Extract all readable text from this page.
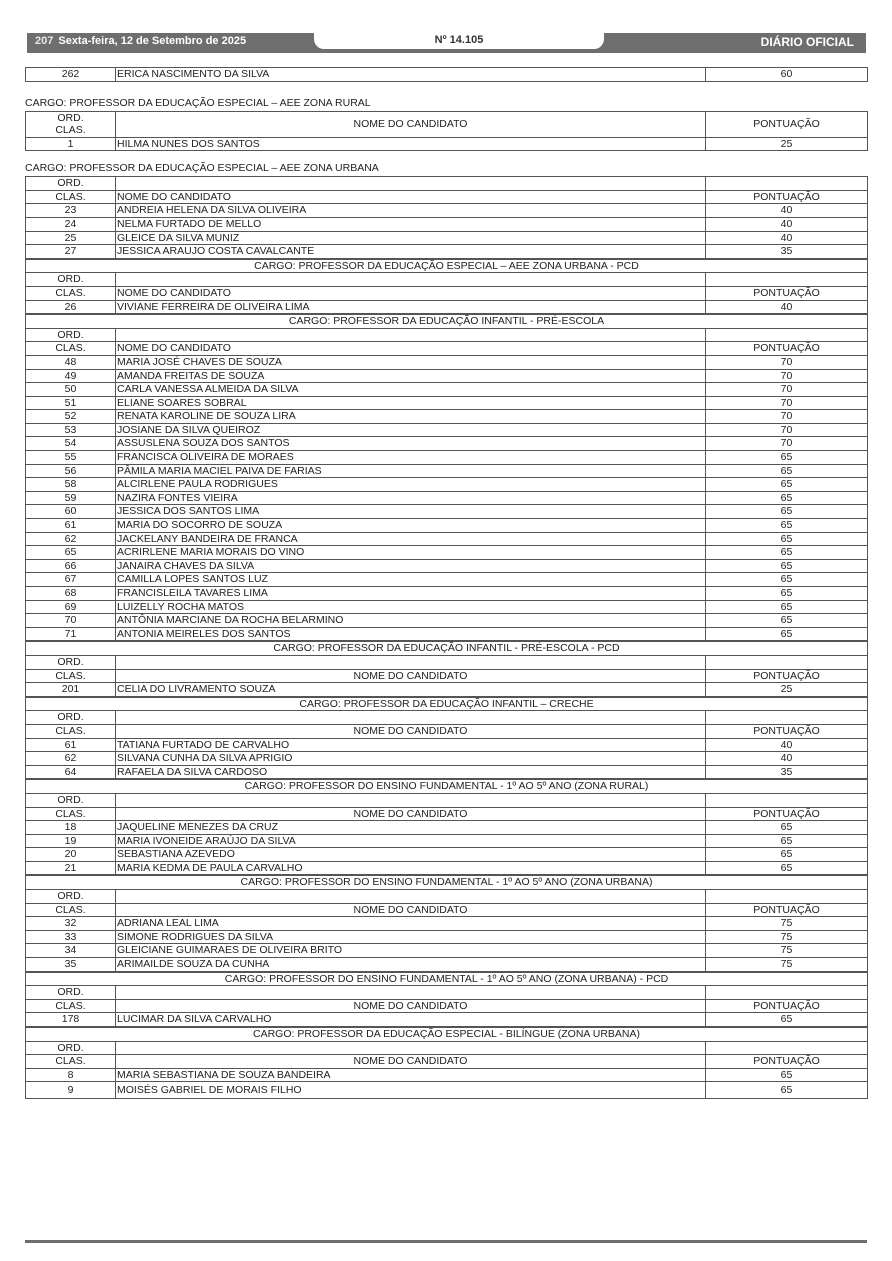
207 Sexta-feira, 12 de Setembro de 2025	Nº 14.105	DIÁRIO OFICIAL
262	ERICA NASCIMENTO DA SILVA	60
CARGO: PROFESSOR DA EDUCAÇÃO ESPECIAL – AEE ZONA RURAL
ORD.
CLAS.	NOME DO CANDIDATO	PONTUAÇÃO
1	HILMA NUNES DOS SANTOS	25
CARGO: PROFESSOR DA EDUCAÇÃO ESPECIAL – AEE ZONA URBANA
ORD.		
CLAS.	NOME DO CANDIDATO	PONTUAÇÃO
23	ANDREIA HELENA DA SILVA OLIVEIRA	40
24	NELMA FURTADO DE MELLO	40
25	GLEICE DA SILVA MUNIZ	40
27	JESSICA ARAUJO COSTA CAVALCANTE	35

CARGO: PROFESSOR DA EDUCAÇÃO ESPECIAL – AEE ZONA URBANA - PCD		
ORD.		
CLAS.	NOME DO CANDIDATO	PONTUAÇÃO
26	VIVIANE FERREIRA DE OLIVEIRA LIMA	40

CARGO: PROFESSOR DA EDUCAÇÃO INFANTIL - PRÉ-ESCOLA		
ORD.		
CLAS.	NOME DO CANDIDATO	PONTUAÇÃO
48	MARIA JOSÉ CHAVES DE SOUZA	70
49	AMANDA FREITAS DE SOUZA	70
50	CARLA VANESSA ALMEIDA DA SILVA	70
51	ELIANE SOARES SOBRAL	70
52	RENATA KAROLINE DE SOUZA LIRA	70
53	JOSIANE DA SILVA QUEIROZ	70
54	ASSUSLENA SOUZA DOS SANTOS	70
55	FRANCISCA OLIVEIRA DE MORAES	65
56	PÂMILA MARIA MACIEL PAIVA DE FARIAS	65
58	ALCIRLENE PAULA RODRIGUES	65
59	NAZIRA FONTES VIEIRA	65
60	JESSICA DOS SANTOS LIMA	65
61	MARIA DO SOCORRO DE SOUZA	65
62	JACKELANY BANDEIRA DE FRANCA	65
65	ACRIRLENE MARIA MORAIS DO VINO	65
66	JANAIRA CHAVES DA SILVA	65
67	CAMILLA LOPES SANTOS LUZ	65
68	FRANCISLEILA TAVARES LIMA	65
69	LUIZELLY ROCHA MATOS	65
70	ANTÔNIA MARCIANE DA ROCHA BELARMINO	65
71	ANTONIA MEIRELES DOS SANTOS	65

CARGO: PROFESSOR DA EDUCAÇÃO INFANTIL - PRÉ-ESCOLA - PCD		
ORD.		
CLAS.	NOME DO CANDIDATO	PONTUAÇÃO
201	CELIA DO LIVRAMENTO SOUZA	25

CARGO: PROFESSOR DA EDUCAÇÃO INFANTIL – CRECHE		
ORD.		
CLAS.	NOME DO CANDIDATO	PONTUAÇÃO
61	TATIANA FURTADO DE CARVALHO	40
62	SILVANA CUNHA DA SILVA APRIGIO	40
64	RAFAELA DA SILVA CARDOSO	35

CARGO: PROFESSOR DO ENSINO FUNDAMENTAL - 1º AO 5º ANO (ZONA RURAL)		
ORD.		
CLAS.	NOME DO CANDIDATO	PONTUAÇÃO
18	JAQUELINE MENEZES DA CRUZ	65
19	MARIA IVONEIDE ARAÚJO DA SILVA	65
20	SEBASTIANA AZEVEDO	65
21	MARIA KEDMA DE PAULA CARVALHO	65

CARGO: PROFESSOR DO ENSINO FUNDAMENTAL - 1º AO 5º ANO (ZONA URBANA)		
ORD.		
CLAS.	NOME DO CANDIDATO	PONTUAÇÃO
32	ADRIANA LEAL LIMA	75
33	SIMONE RODRIGUES DA SILVA	75
34	GLEICIANE GUIMARAES DE OLIVEIRA BRITO	75
35	ARIMAILDE SOUZA DA CUNHA	75

CARGO: PROFESSOR DO ENSINO FUNDAMENTAL - 1º AO 5º ANO (ZONA URBANA) - PCD		
ORD.		
CLAS.	NOME DO CANDIDATO	PONTUAÇÃO
178	LUCIMAR DA SILVA CARVALHO	65

CARGO: PROFESSOR DA EDUCAÇÃO ESPECIAL - BILÍNGUE (ZONA URBANA)		
ORD.		
CLAS.	NOME DO CANDIDATO	PONTUAÇÃO
8	MARIA SEBASTIANA DE SOUZA BANDEIRA	65
9	MOISÉS GABRIEL DE MORAIS FILHO	65
